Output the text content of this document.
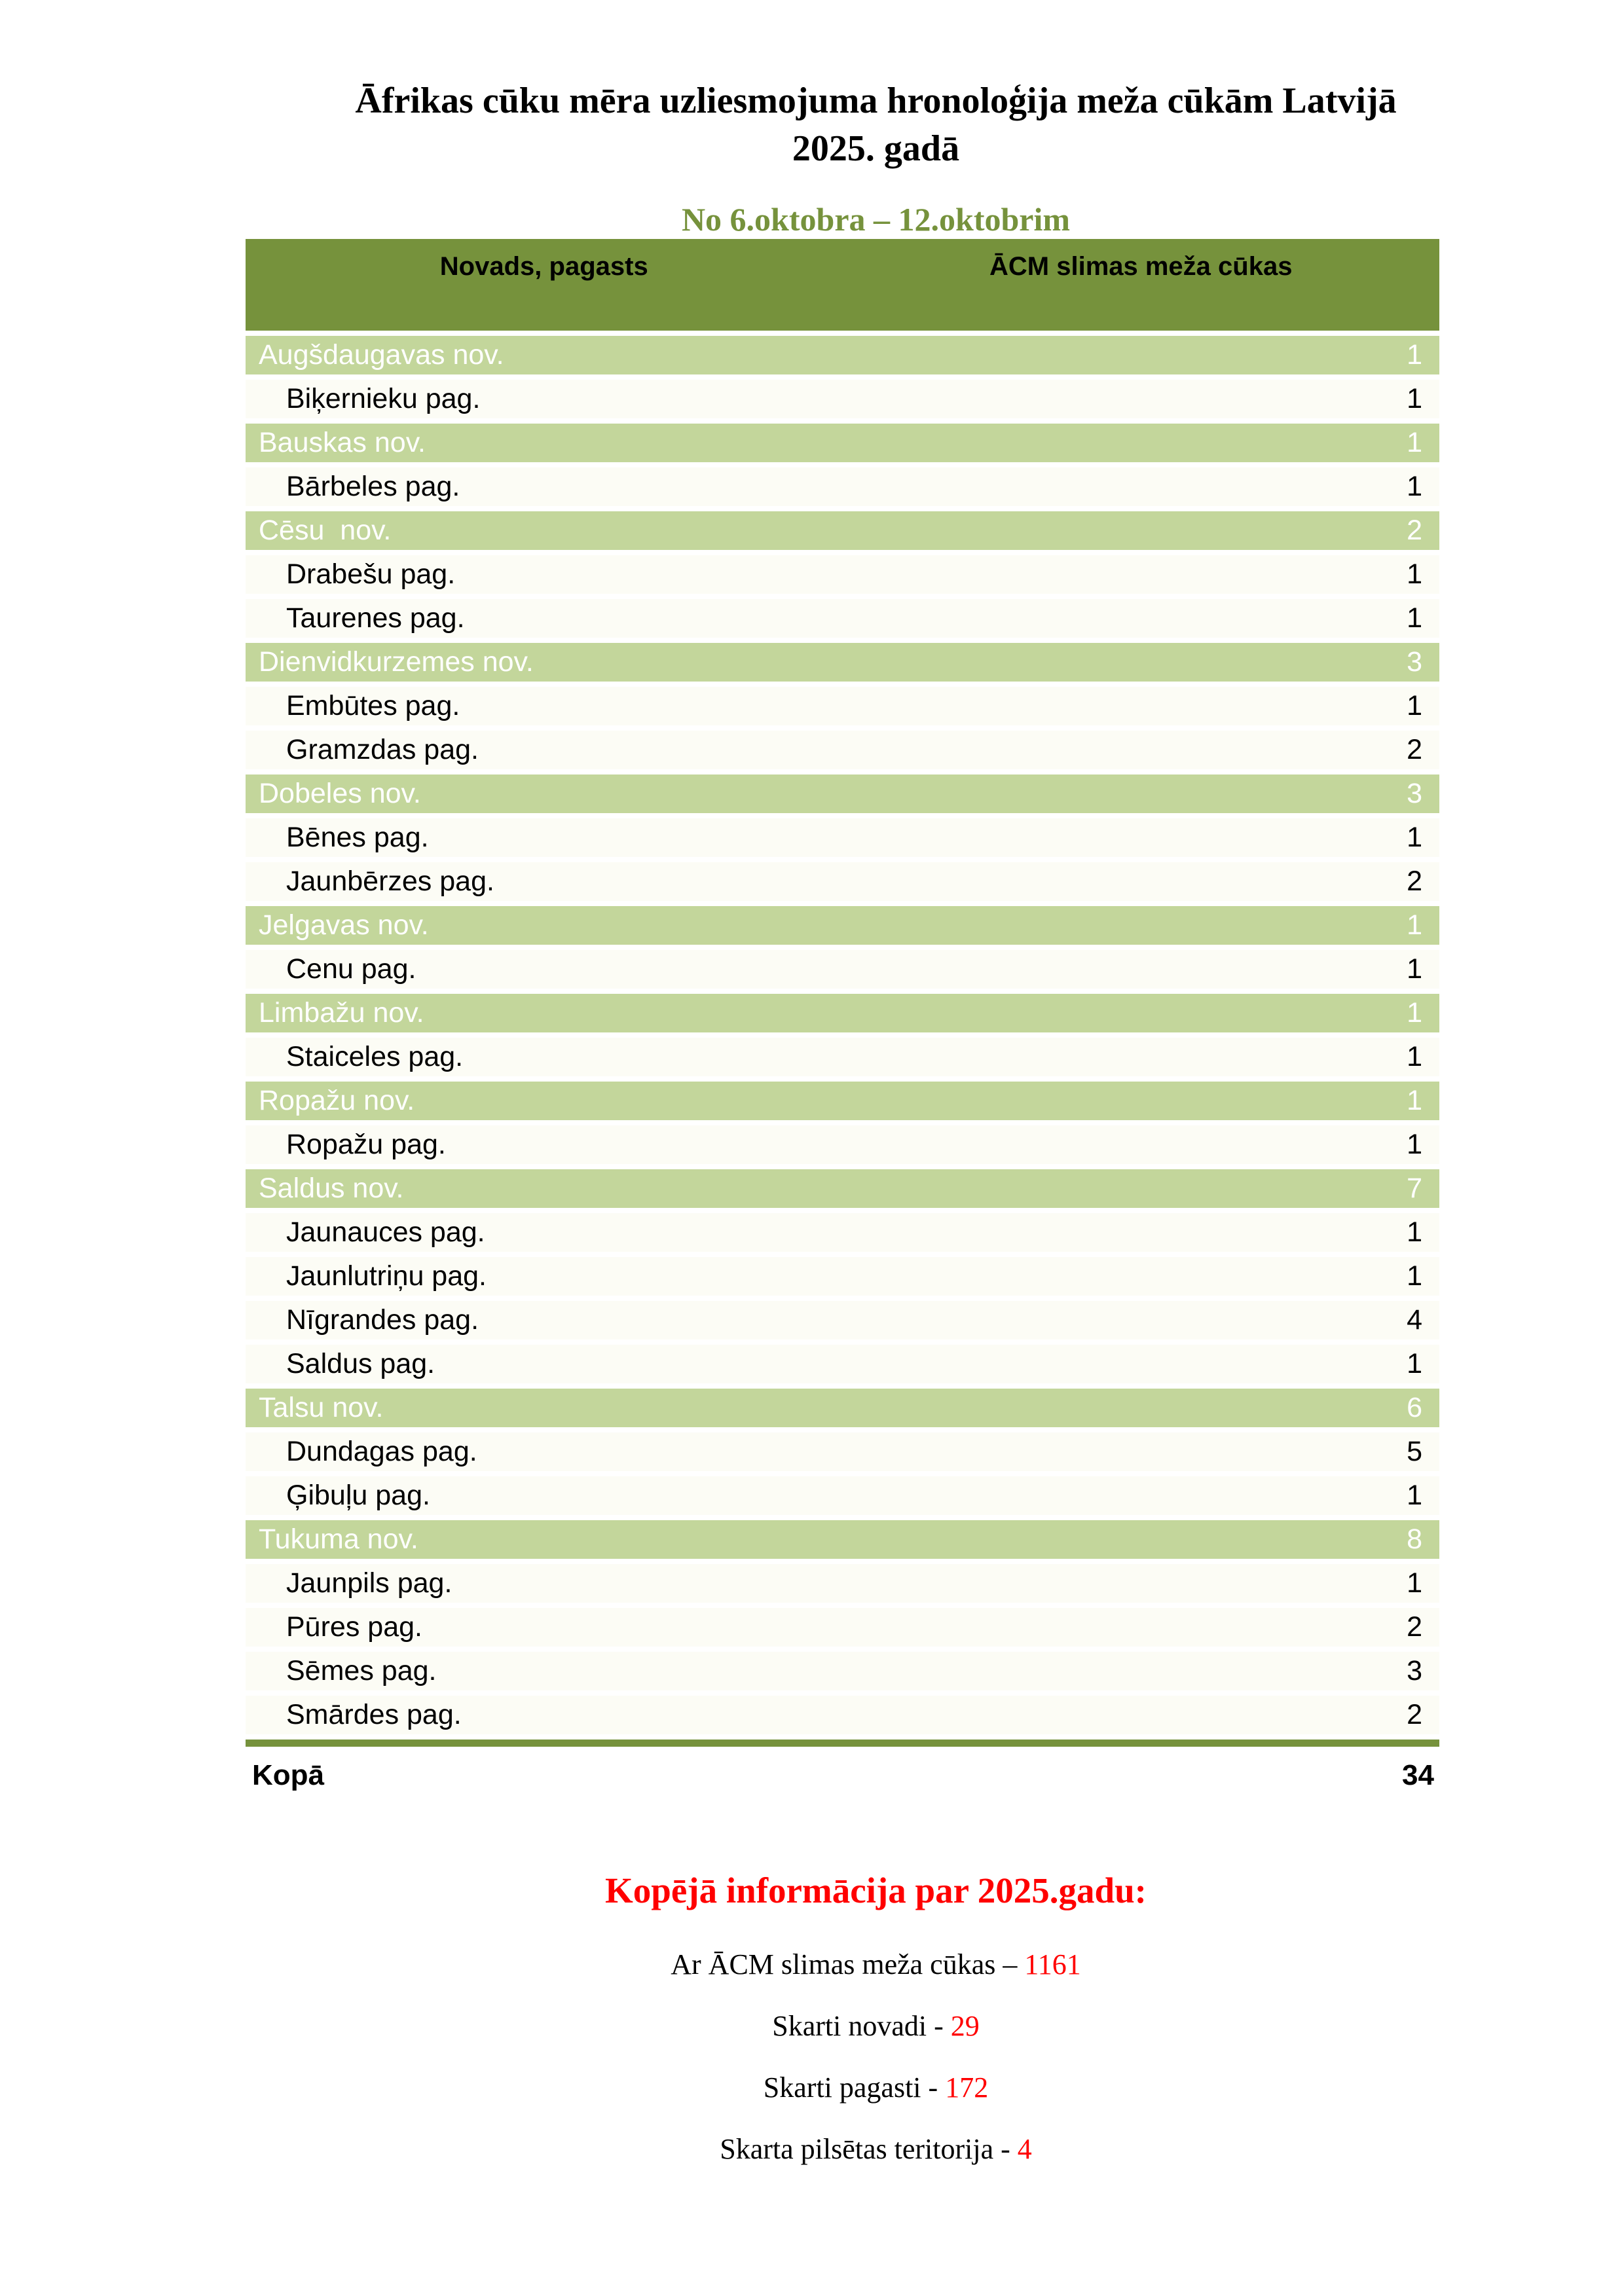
Āfrikas cūku mēra uzliesmojuma hronoloģija meža cūkām Latvijā
2025. gadā
No 6.oktobra – 12.oktobrim
Novads, pagasts	ĀCM slimas meža cūkas
Augšdaugavas nov.	1
Biķernieku pag.	1
Bauskas nov.	1
Bārbeles pag.	1
Cēsu  nov.	2
Drabešu pag.	1
Taurenes pag.	1
Dienvidkurzemes nov.	3
Embūtes pag.	1
Gramzdas pag.	2
Dobeles nov.	3
Bēnes pag.	1
Jaunbērzes pag.	2
Jelgavas nov.	1
Cenu pag.	1
Limbažu nov.	1
Staiceles pag.	1
Ropažu nov.	1
Ropažu pag.	1
Saldus nov.	7
Jaunauces pag.	1
Jaunlutriņu pag.	1
Nīgrandes pag.	4
Saldus pag.	1
Talsu nov.	6
Dundagas pag.	5
Ģibuļu pag.	1
Tukuma nov.	8
Jaunpils pag.	1
Pūres pag.	2
Sēmes pag.	3
Smārdes pag.	2
Kopā	34
Kopējā informācija par 2025.gadu:
Ar ĀCM slimas meža cūkas – 1161
Skarti novadi - 29
Skarti pagasti - 172
Skarta pilsētas teritorija - 4
